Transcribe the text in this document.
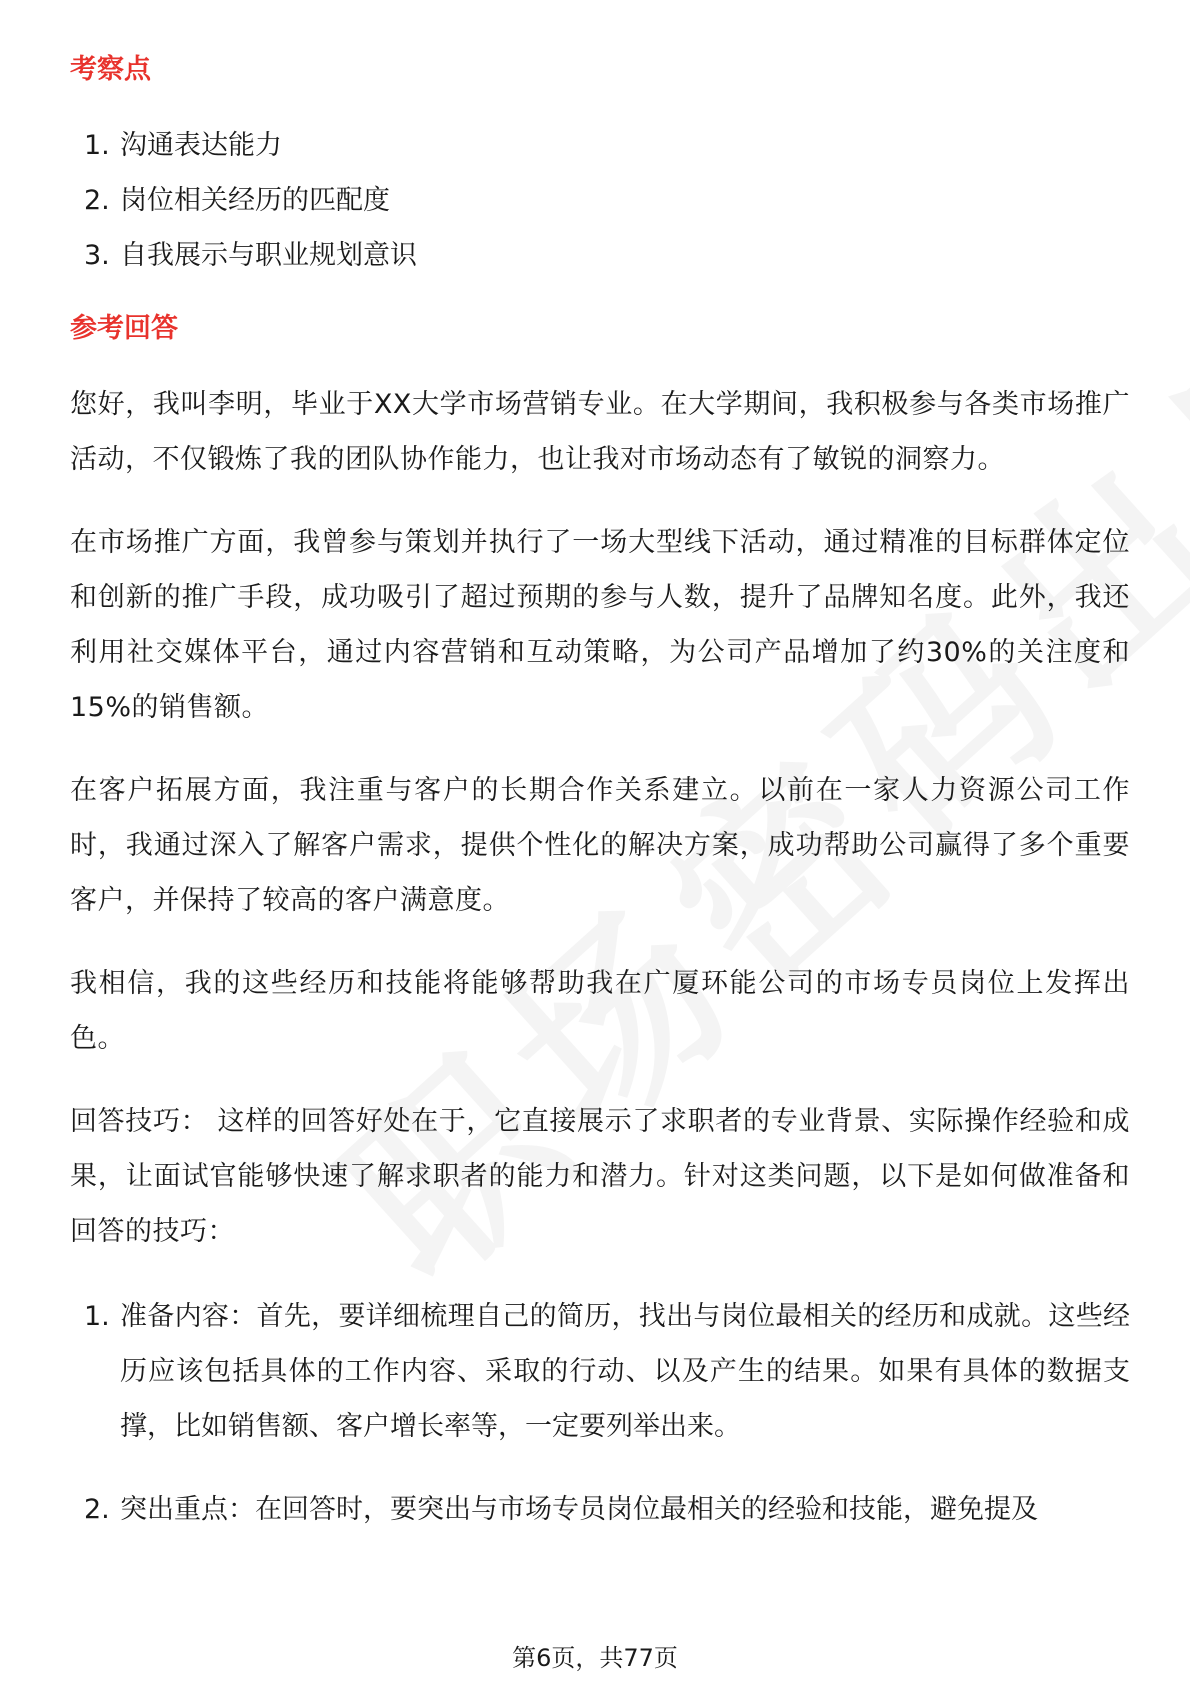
考察点
1. 沟通表达能力
2. 岗位相关经历的匹配度
3. 自我展示与职业规划意识
参考回答

您好，我叫李明，毕业于XX大学市场营销专业。在大学期间，我积极参与各类市场推广活动，不仅锻炼了我的团队协作能力，也让我对市场动态有了敏锐的洞察力。

在市场推广方面，我曾参与策划并执行了一场大型线下活动，通过精准的目标群体定位和创新的推广手段，成功吸引了超过预期的参与人数，提升了品牌知名度。此外，我还利用社交媒体平台，通过内容营销和互动策略，为公司产品增加了约30%的关注度和15%的销售额。

在客户拓展方面，我注重与客户的长期合作关系建立。以前在一家人力资源公司工作时，我通过深入了解客户需求，提供个性化的解决方案，成功帮助公司赢得了多个重要客户，并保持了较高的客户满意度。

我相信，我的这些经历和技能将能够帮助我在广厦环能公司的市场专员岗位上发挥出色。

回答技巧： 这样的回答好处在于，它直接展示了求职者的专业背景、实际操作经验和成果，让面试官能够快速了解求职者的能力和潜力。针对这类问题，以下是如何做准备和回答的技巧：

1. 准备内容：首先，要详细梳理自己的简历，找出与岗位最相关的经历和成就。这些经历应该包括具体的工作内容、采取的行动、以及产生的结果。如果有具体的数据支撑，比如销售额、客户增长率等，一定要列举出来。
2. 突出重点：在回答时，要突出与市场专员岗位最相关的经验和技能，避免提及
第6页，共77页
